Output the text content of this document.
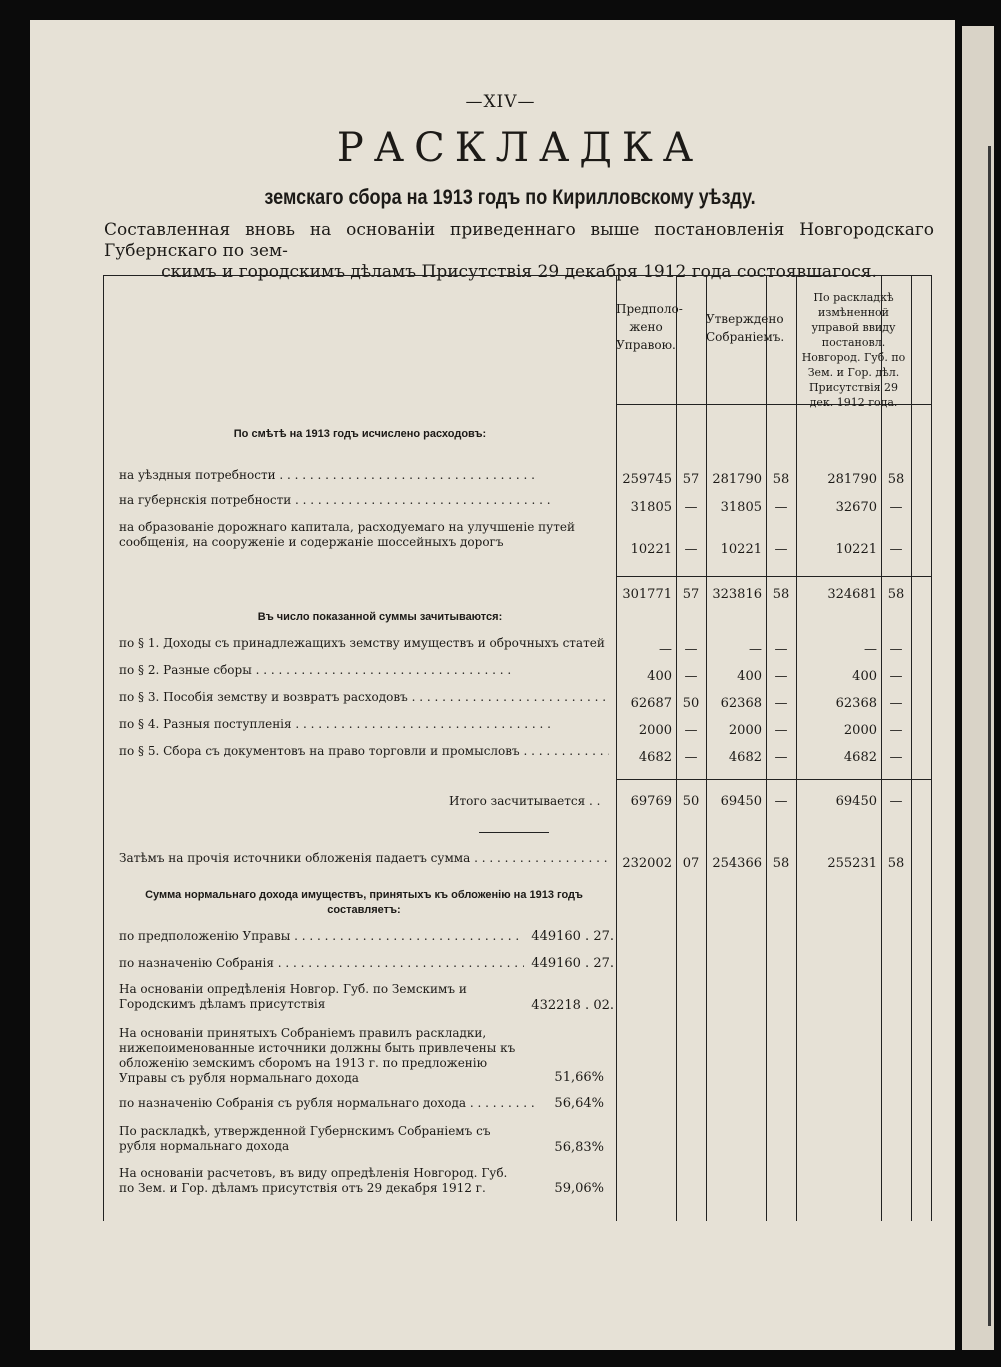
—XIV—
РАСКЛАДКА
земскаго сбора на 1913 годъ по Кирилловскому уѣзду.
Составленная вновь на основаніи приведеннаго выше постановленія Новгородскаго Губернскаго по зем-
скимъ и городскимъ дѣламъ Присутствія 29 декабря 1912 года состоявшагося.
Предполо-жено Управою.
Утверждено Собраніемъ.
По раскладкѣ измѣненной управой ввиду постановл. Новгород. Губ. по Зем. и Гор. дѣл. Присутствія 29 дек. 1912 года.
По смѣтѣ на 1913 годъ исчислено расходовъ:
на уѣздныя потребности . . .	259745 57	281790 58	281790 58
на губернскія потребности . . .	31805 —	31805 —	32670 —
на образованіе дорожнаго капитала, расходуемаго на улучшеніе путей сообщенія, на сооруженіе и содержаніе шоссейныхъ дорогъ	10221 —	10221 —	10221 —
301771 57	323816 58	324681 58
Въ число показанной суммы зачитываются:
по § 1. Доходы съ принадлежащихъ земству имуществъ и оброчныхъ статей . . .	— —	— —	— —
по § 2. Разные сборы . . .	400 —	400 —	400 —
по § 3. Пособія земству и возвратъ расходовъ . . .	62687 50	62368 —	62368 —
по § 4. Разныя поступленія . . .	2000 —	2000 —	2000 —
по § 5. Сбора съ документовъ на право торговли и промысловъ . . .	4682 —	4682 —	4682 —
Итого засчитывается . .	69769 50	69450 —	69450 —
Затѣмъ на прочія источники обложенія падаетъ сумма . . .	232002 07	254366 58	255231 58
Сумма нормальнаго дохода имуществъ, принятыхъ къ обложенію на 1913 годъ составляетъ:
по предположенію Управы . . .	449160 . 27.
по назначенію Собранія . . .	449160 . 27.
На основаніи опредѣленія Новгор. Губ. по Земскимъ и Городскимъ дѣламъ присутствія	432218 . 02.
На основаніи принятыхъ Собраніемъ правилъ раскладки, нижепоименованные источники должны быть привлечены къ обложенію земскимъ сборомъ на 1913 г. по предложенію Управы съ рубля нормальнаго дохода	51,66%
по назначенію Собранія съ рубля нормальнаго дохода . . .	56,64%
По раскладкѣ, утвержденной Губернскимъ Собраніемъ съ рубля нормальнаго дохода	56,83%
На основаніи расчетовъ, въ виду опредѣленія Новгород. Губ. по Зем. и Гор. дѣламъ присутствія отъ 29 декабря 1912 г.	59,06%
